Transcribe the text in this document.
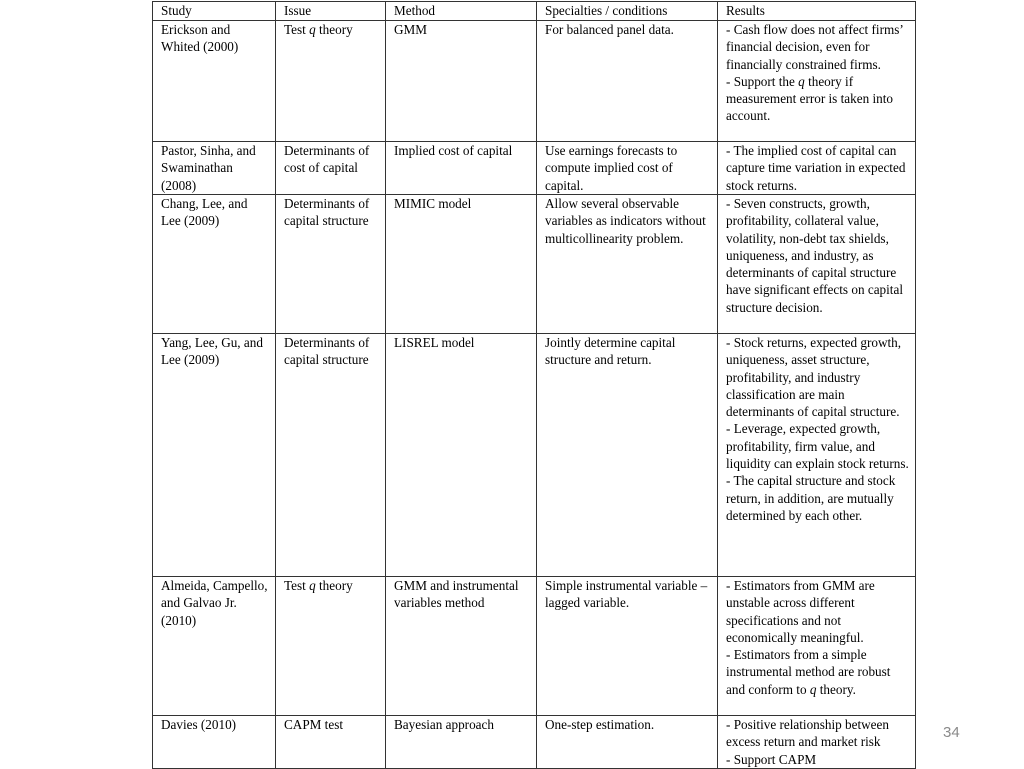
Study	Issue	Method	Specialties / conditions	Results
Erickson and Whited (2000)	Test q theory	GMM	For balanced panel data.	- Cash flow does not affect firms’ financial decision, even for financially constrained firms.
- Support the q theory if measurement error is taken into account.

Pastor, Sinha, and Swaminathan (2008)	Determinants of cost of capital	Implied cost of capital	Use earnings forecasts to compute implied cost of capital.	- The implied cost of capital can capture time variation in expected stock returns.

Chang, Lee, and Lee (2009)	Determinants of capital structure	MIMIC model	Allow several observable variables as indicators without multicollinearity problem.	- Seven constructs, growth, profitability, collateral value, volatility, non-debt tax shields, uniqueness, and industry, as determinants of capital structure have significant effects on capital structure decision.

Yang, Lee, Gu, and Lee (2009)	Determinants of capital structure	LISREL model	Jointly determine capital structure and return.	- Stock returns, expected growth, uniqueness, asset structure, profitability, and industry classification are main determinants of capital structure.
- Leverage, expected growth, profitability, firm value, and liquidity can explain stock returns.
- The capital structure and stock return, in addition, are mutually determined by each other.

Almeida, Campello, and Galvao Jr. (2010)	Test q theory	GMM and instrumental variables method	Simple instrumental variable – lagged variable.	- Estimators from GMM are unstable across different specifications and not economically meaningful.
- Estimators from a simple instrumental method are robust and conform to q theory.

Davies (2010)	CAPM test	Bayesian approach	One-step estimation.	- Positive relationship between excess return and market risk
- Support CAPM
34
